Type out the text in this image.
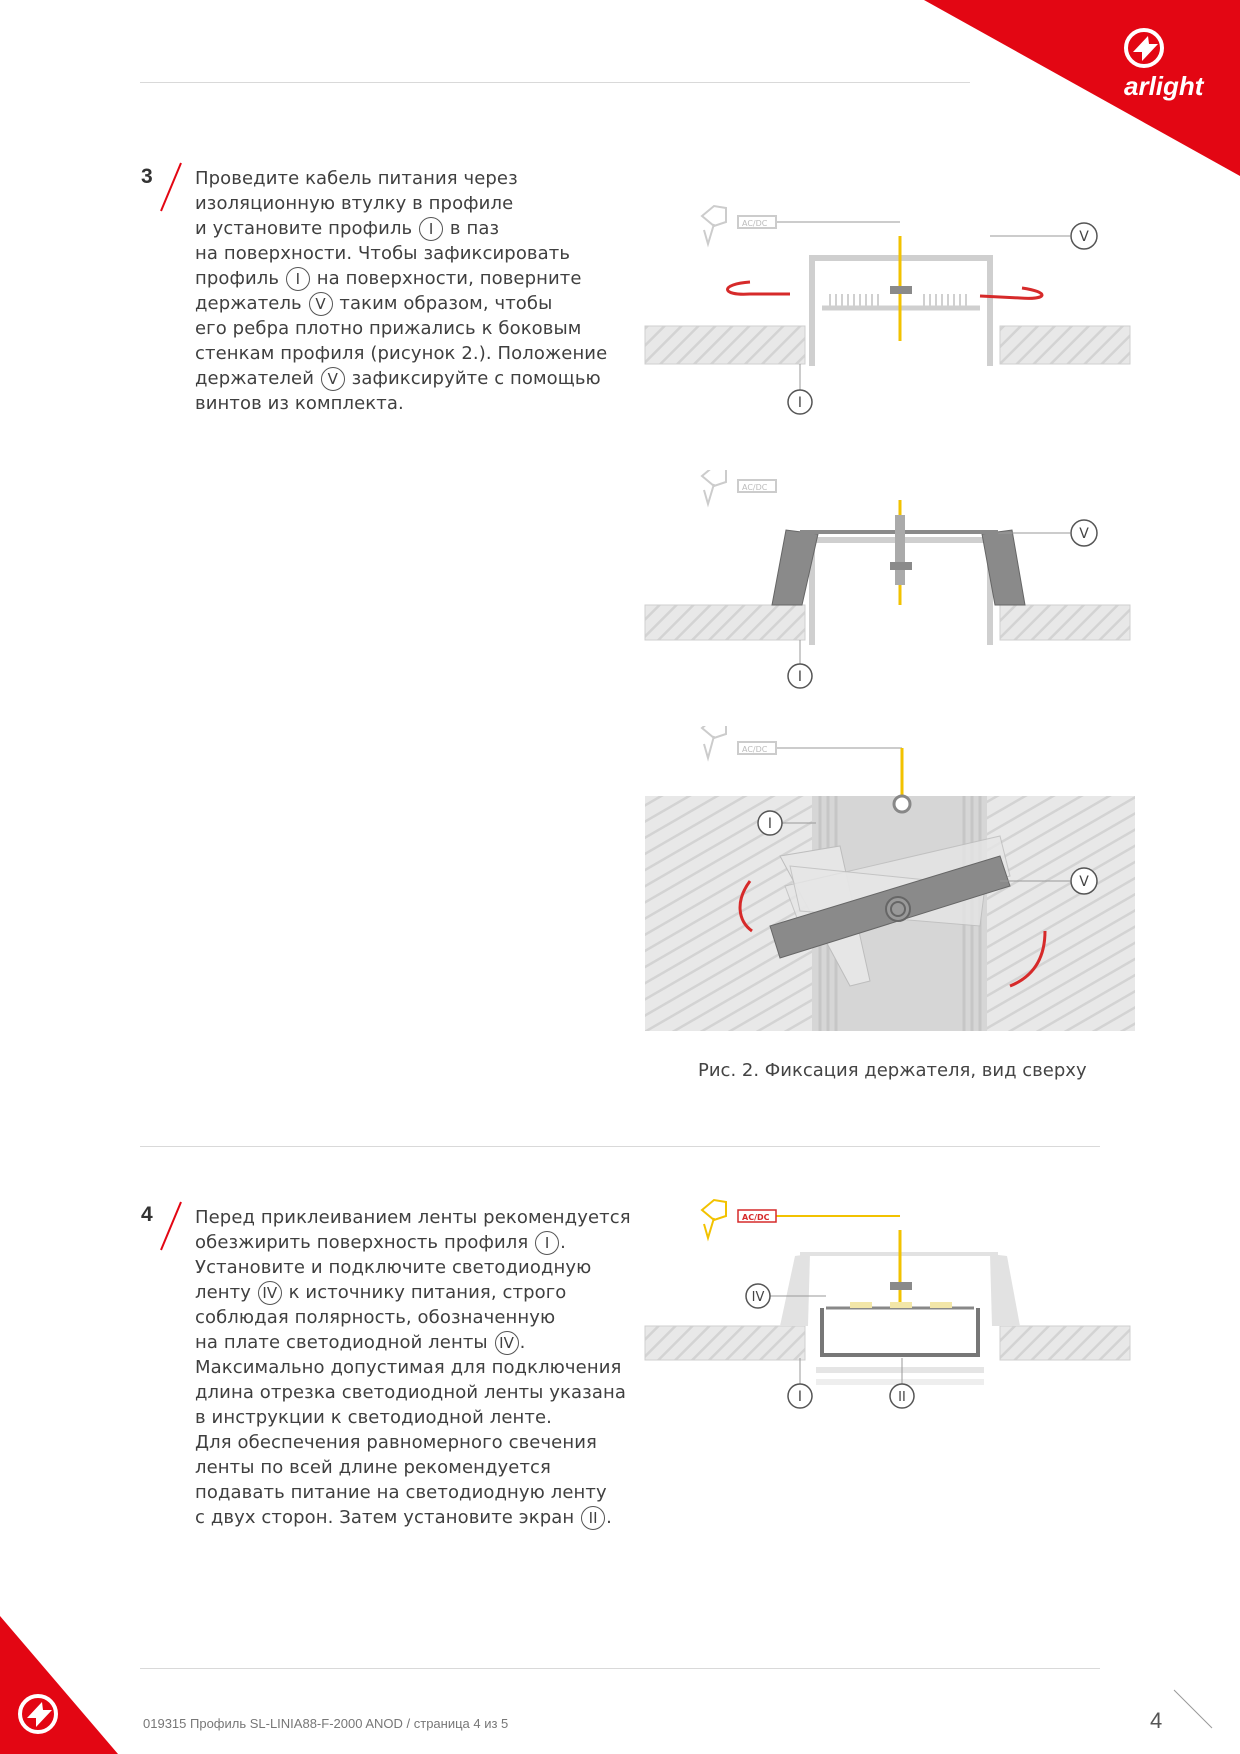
arlight
3 Проведите кабель питания через
изоляционную втулку в профиле
и установите профиль I в паз
на поверхности. Чтобы зафиксировать
профиль I на поверхности, поверните
держатель V таким образом, чтобы
его ребра плотно прижались к боковым
стенкам профиля (рисунок 2.). Положение
держателей V зафиксируйте с помощью
винтов из комплекта.
4 Перед приклеиванием ленты рекомендуется
обезжирить поверхность профиля I .
Установите и подключите светодиодную
ленту IV к источнику питания, строго
соблюдая полярность, обозначенную
на плате светодиодной ленты IV .
Максимально допустимая для подключения
длина отрезка светодиодной ленты указана
в инструкции к светодиодной ленте.
Для обеспечения равномерного свечения
ленты по всей длине рекомендуется
подавать питание на светодиодную ленту
с двух сторон. Затем установите экран II .
AC/DC
V
I
AC/DC
V
I
AC/DC
I
V
Рис. 2. Фиксация держателя, вид сверху
AC/DC
IV
I	II
019315 Профиль SL-LINIA88-F-2000 ANOD / страница 4 из 5	4
